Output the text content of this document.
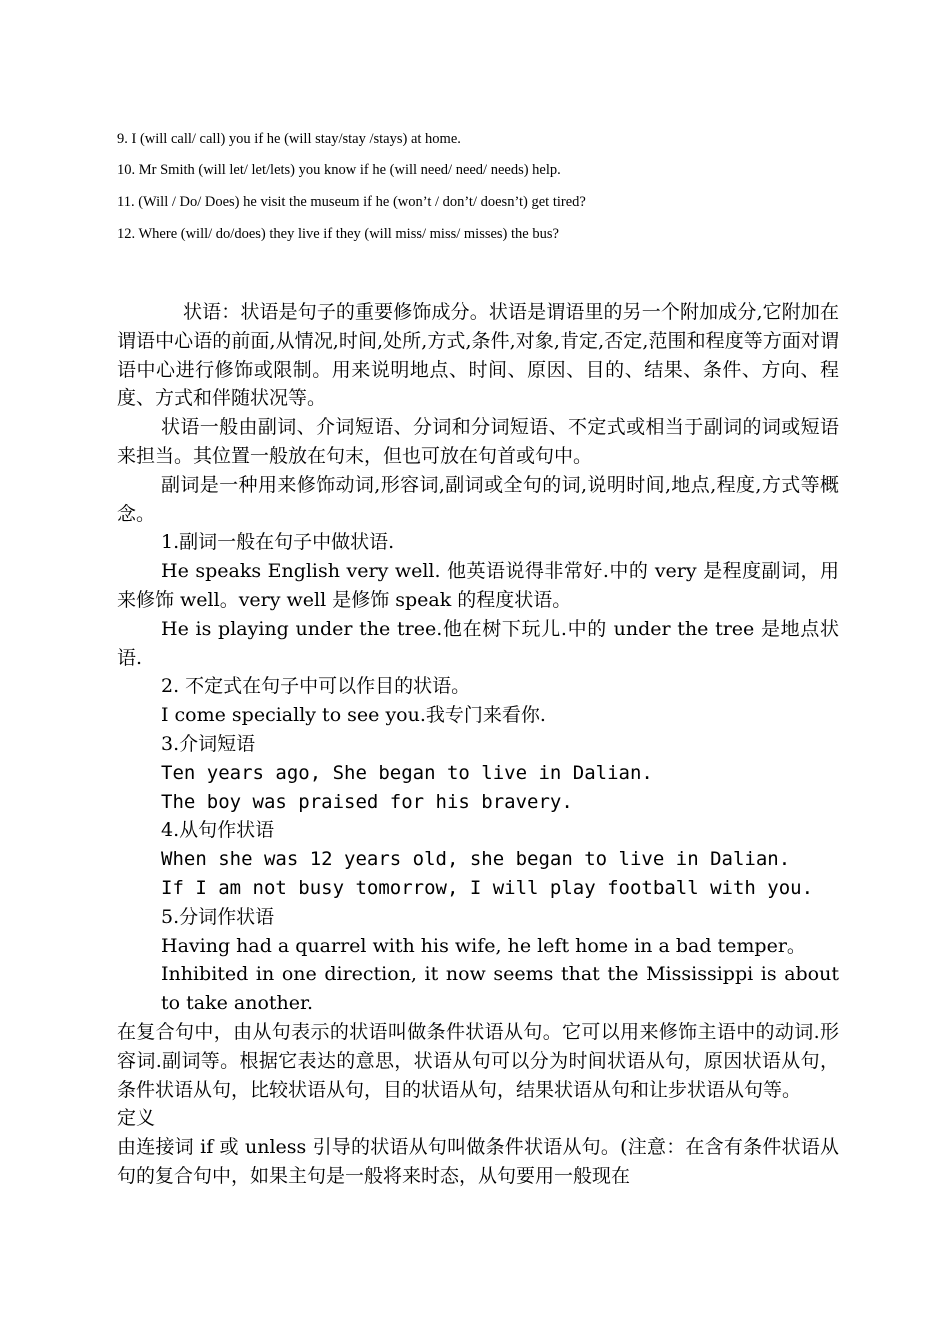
9. I (will call/ call) you if he (will stay/stay /stays) at home.
10. Mr Smith (will let/ let/lets) you know if he (will need/ need/ needs) help.
11. (Will / Do/ Does) he visit the museum if he (won’t / don’t/ doesn’t) get tired?
12. Where (will/ do/does) they live if they (will miss/ miss/ misses) the bus?

状语：状语是句子的重要修饰成分。状语是谓语里的另一个附加成分,它附加在谓语中心语的前面,从情况,时间,处所,方式,条件,对象,肯定,否定,范围和程度等方面对谓语中心进行修饰或限制。用来说明地点、时间、原因、目的、结果、条件、方向、程度、方式和伴随状况等。

状语一般由副词、介词短语、分词和分词短语、不定式或相当于副词的词或短语来担当。其位置一般放在句末，但也可放在句首或句中。

副词是一种用来修饰动词,形容词,副词或全句的词,说明时间,地点,程度,方式等概念。

1.副词一般在句子中做状语.

He speaks English very well. 他英语说得非常好.中的 very 是程度副词，用来修饰 well。very well 是修饰 speak 的程度状语。

He is playing under the tree.他在树下玩儿.中的 under the tree 是地点状语.

2. 不定式在句子中可以作目的状语。

I come specially to see you.我专门来看你.

3.介词短语

Ten years ago, She began to live in Dalian.

The boy was praised for his bravery.

4.从句作状语

When she was 12 years old, she began to live in Dalian.

If I am not busy tomorrow, I will play football with you.

5.分词作状语

Having had a quarrel with his wife, he left home in a bad temper。

Inhibited in one direction, it now seems that the Mississippi is about to take another.

在复合句中，由从句表示的状语叫做条件状语从句。它可以用来修饰主语中的动词.形容词.副词等。根据它表达的意思，状语从句可以分为时间状语从句，原因状语从句，条件状语从句，比较状语从句，目的状语从句，结果状语从句和让步状语从句等。

定义

由连接词 if 或 unless 引导的状语从句叫做条件状语从句。(注意：在含有条件状语从句的复合句中，如果主句是一般将来时态，从句要用一般现在
